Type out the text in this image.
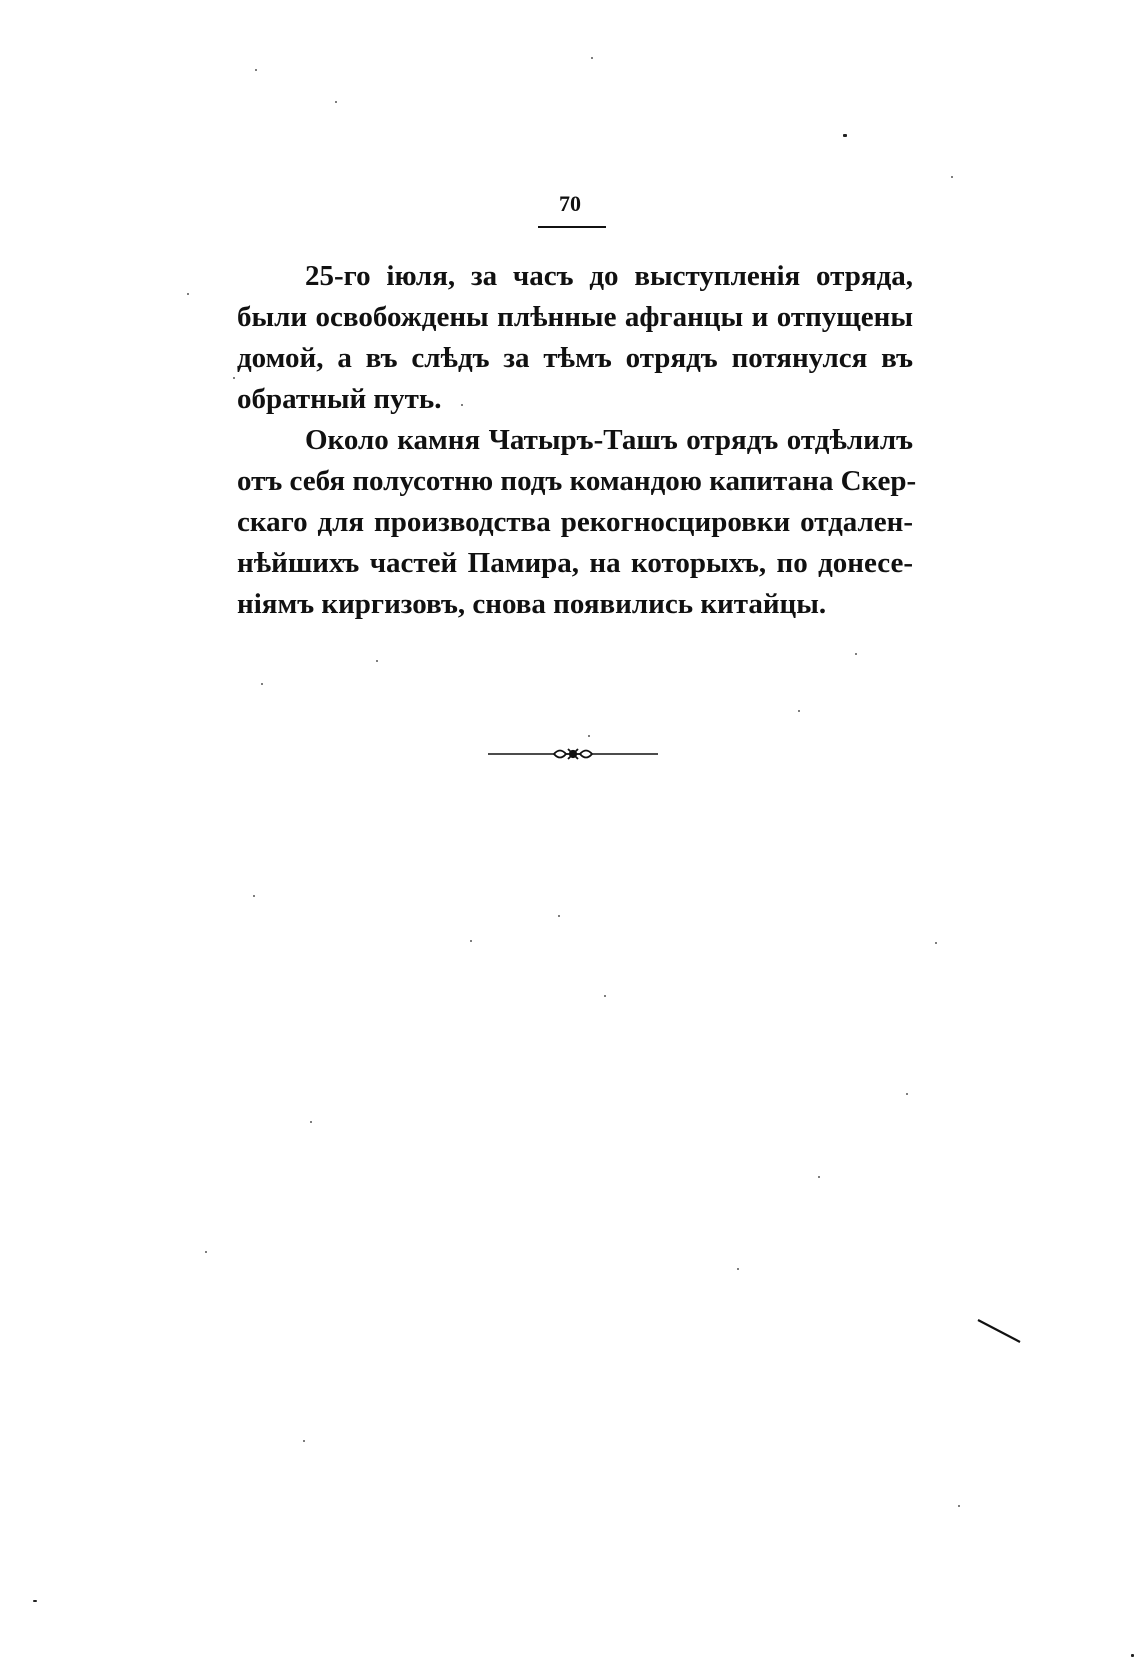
70
25-го іюля, за часъ до выступленія отряда,
были освобождены плѣнные афганцы и отпущены
домой, а въ слѣдъ за тѣмъ отрядъ потянулся въ
обратный путь.
Около камня Чатыръ-Ташъ отрядъ отдѣлилъ
отъ себя полусотню подъ командою капитана Скер-
скаго для производства рекогносцировки отдален-
нѣйшихъ частей Памира, на которыхъ, по донесе-
ніямъ киргизовъ, снова появились китайцы.
